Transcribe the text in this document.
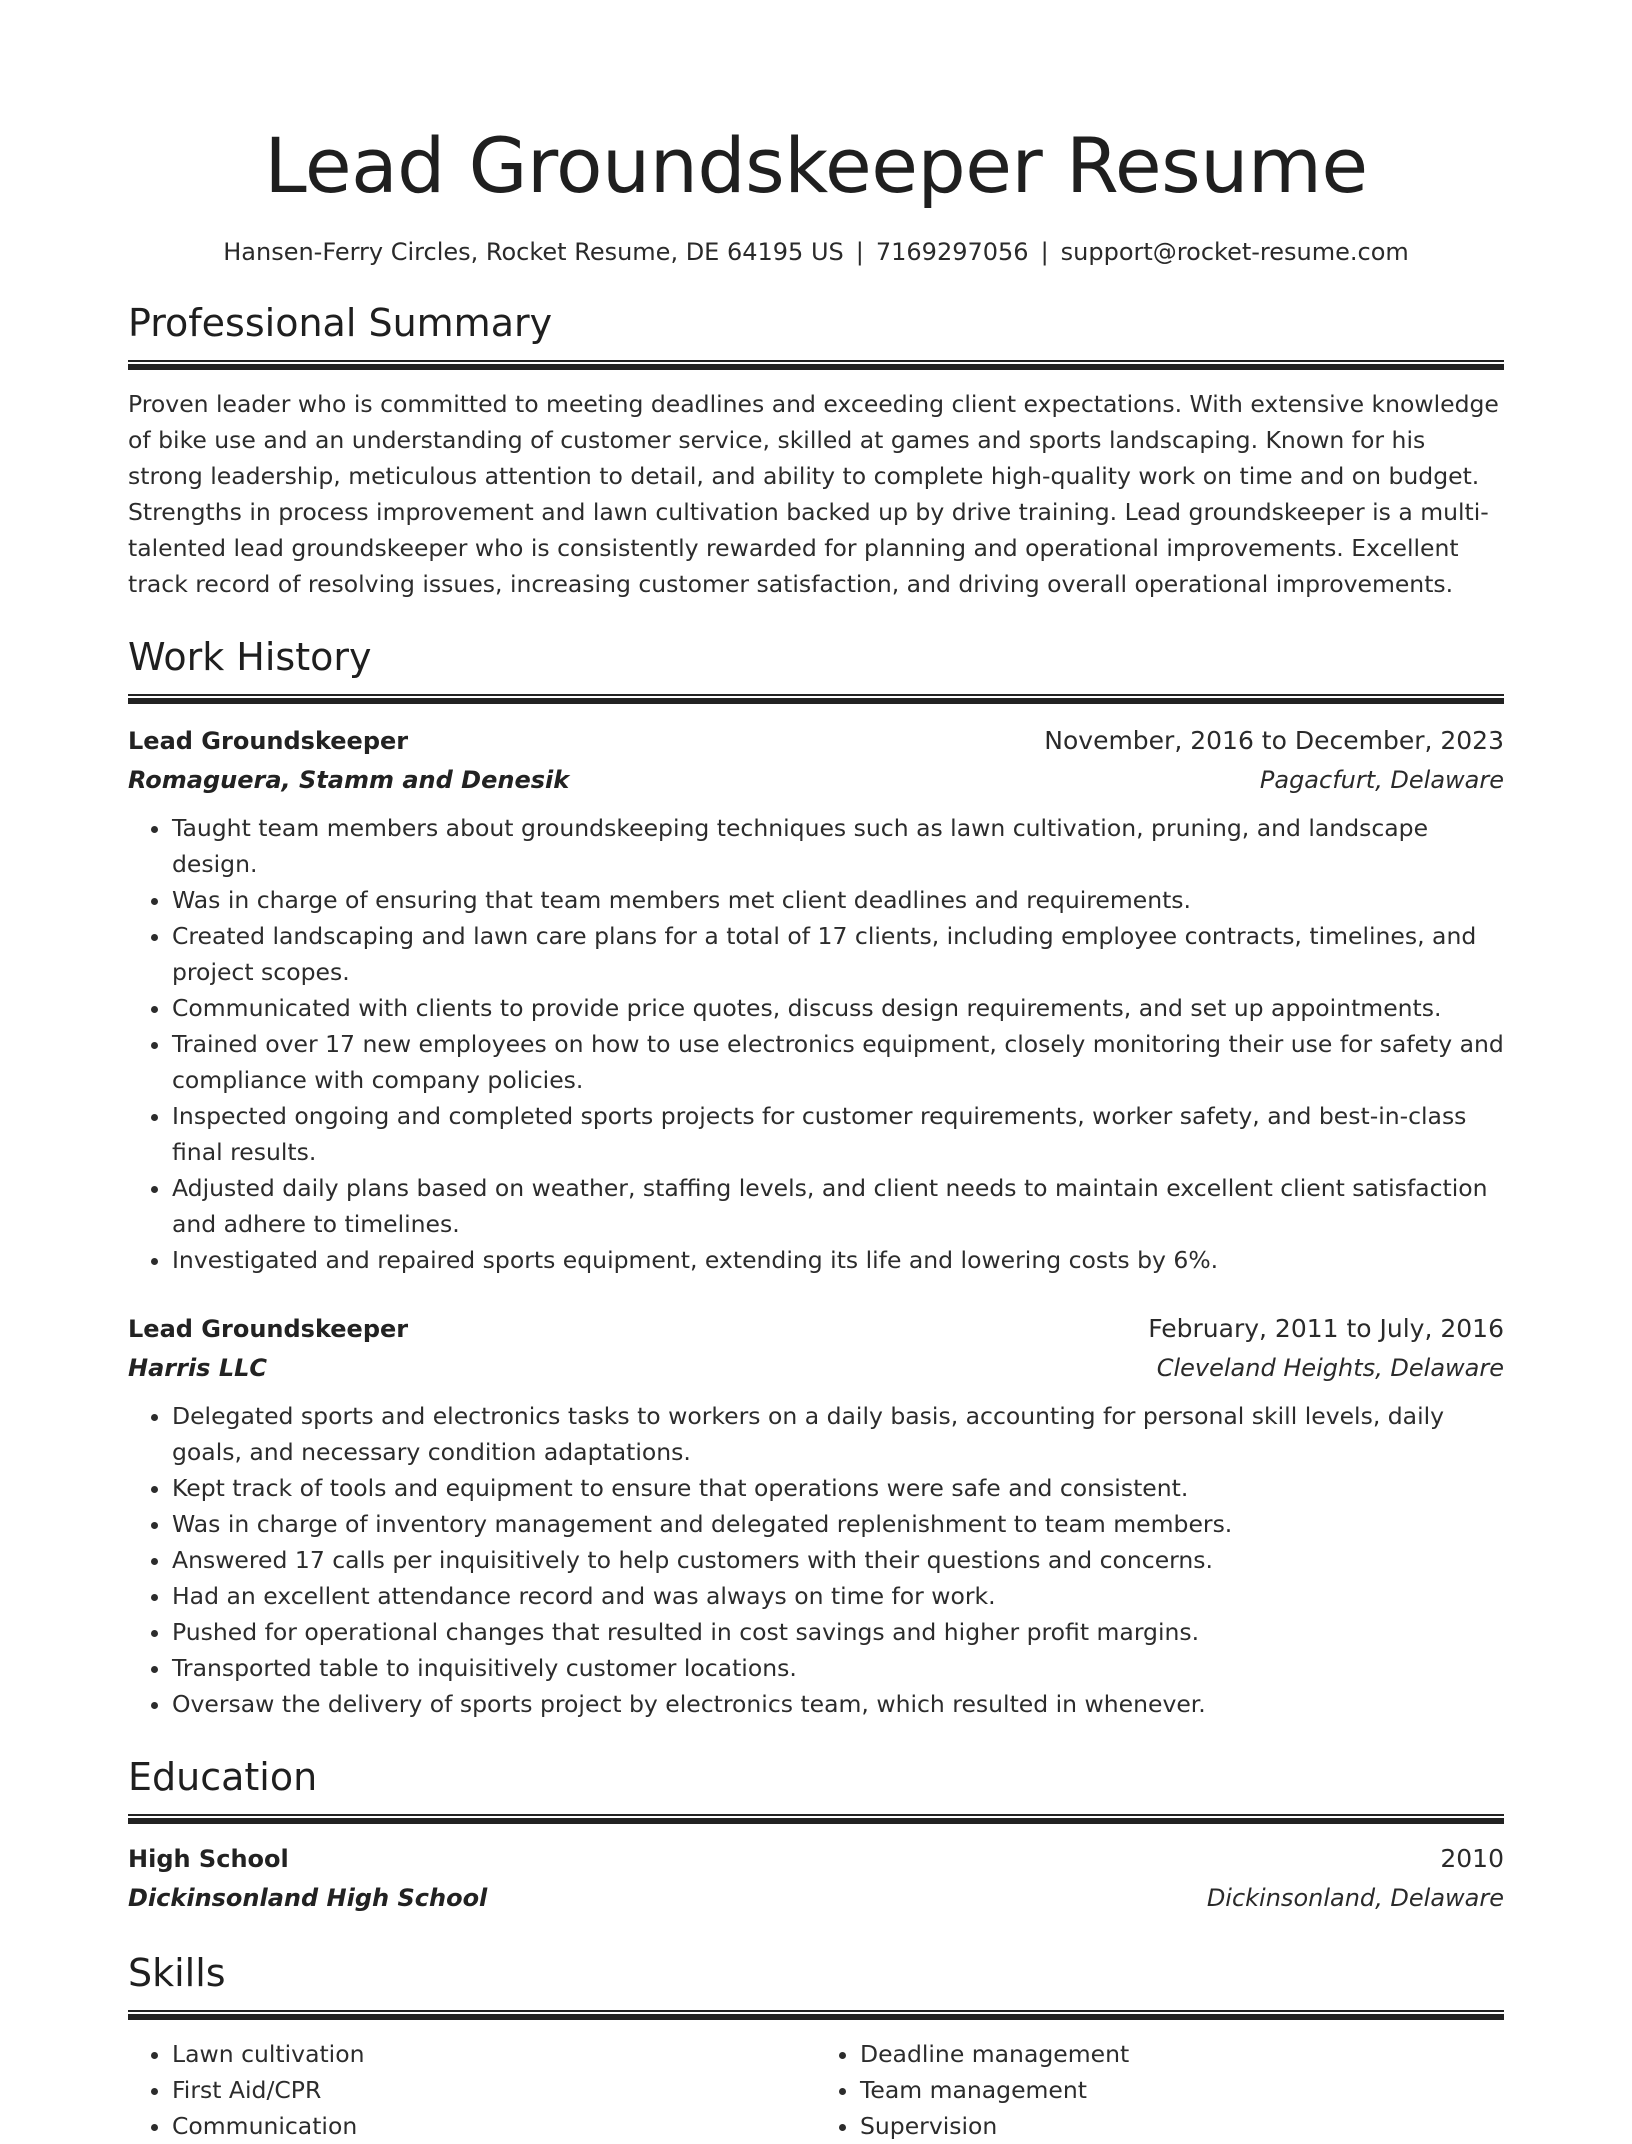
Lead Groundskeeper Resume
Hansen-Ferry Circles, Rocket Resume, DE 64195 US | 7169297056 | support@rocket-resume.com
Professional Summary
Proven leader who is committed to meeting deadlines and exceeding client expectations. With extensive knowledge of bike use and an understanding of customer service, skilled at games and sports landscaping. Known for his strong leadership, meticulous attention to detail, and ability to complete high-quality work on time and on budget. Strengths in process improvement and lawn cultivation backed up by drive training. Lead groundskeeper is a multi-talented lead groundskeeper who is consistently rewarded for planning and operational improvements. Excellent track record of resolving issues, increasing customer satisfaction, and driving overall operational improvements.
Work History
Lead Groundskeeper	November, 2016 to December, 2023
Romaguera, Stamm and Denesik	Pagacfurt, Delaware
• Taught team members about groundskeeping techniques such as lawn cultivation, pruning, and landscape design.
• Was in charge of ensuring that team members met client deadlines and requirements.
• Created landscaping and lawn care plans for a total of 17 clients, including employee contracts, timelines, and project scopes.
• Communicated with clients to provide price quotes, discuss design requirements, and set up appointments.
• Trained over 17 new employees on how to use electronics equipment, closely monitoring their use for safety and compliance with company policies.
• Inspected ongoing and completed sports projects for customer requirements, worker safety, and best-in-class final results.
• Adjusted daily plans based on weather, staffing levels, and client needs to maintain excellent client satisfaction and adhere to timelines.
• Investigated and repaired sports equipment, extending its life and lowering costs by 6%.
Lead Groundskeeper	February, 2011 to July, 2016
Harris LLC	Cleveland Heights, Delaware
• Delegated sports and electronics tasks to workers on a daily basis, accounting for personal skill levels, daily goals, and necessary condition adaptations.
• Kept track of tools and equipment to ensure that operations were safe and consistent.
• Was in charge of inventory management and delegated replenishment to team members.
• Answered 17 calls per inquisitively to help customers with their questions and concerns.
• Had an excellent attendance record and was always on time for work.
• Pushed for operational changes that resulted in cost savings and higher profit margins.
• Transported table to inquisitively customer locations.
• Oversaw the delivery of sports project by electronics team, which resulted in whenever.
Education
High School	2010
Dickinsonland High School	Dickinsonland, Delaware
Skills
• Lawn cultivation
• First Aid/CPR
• Communication
• Deadline management
• Team management
• Supervision
